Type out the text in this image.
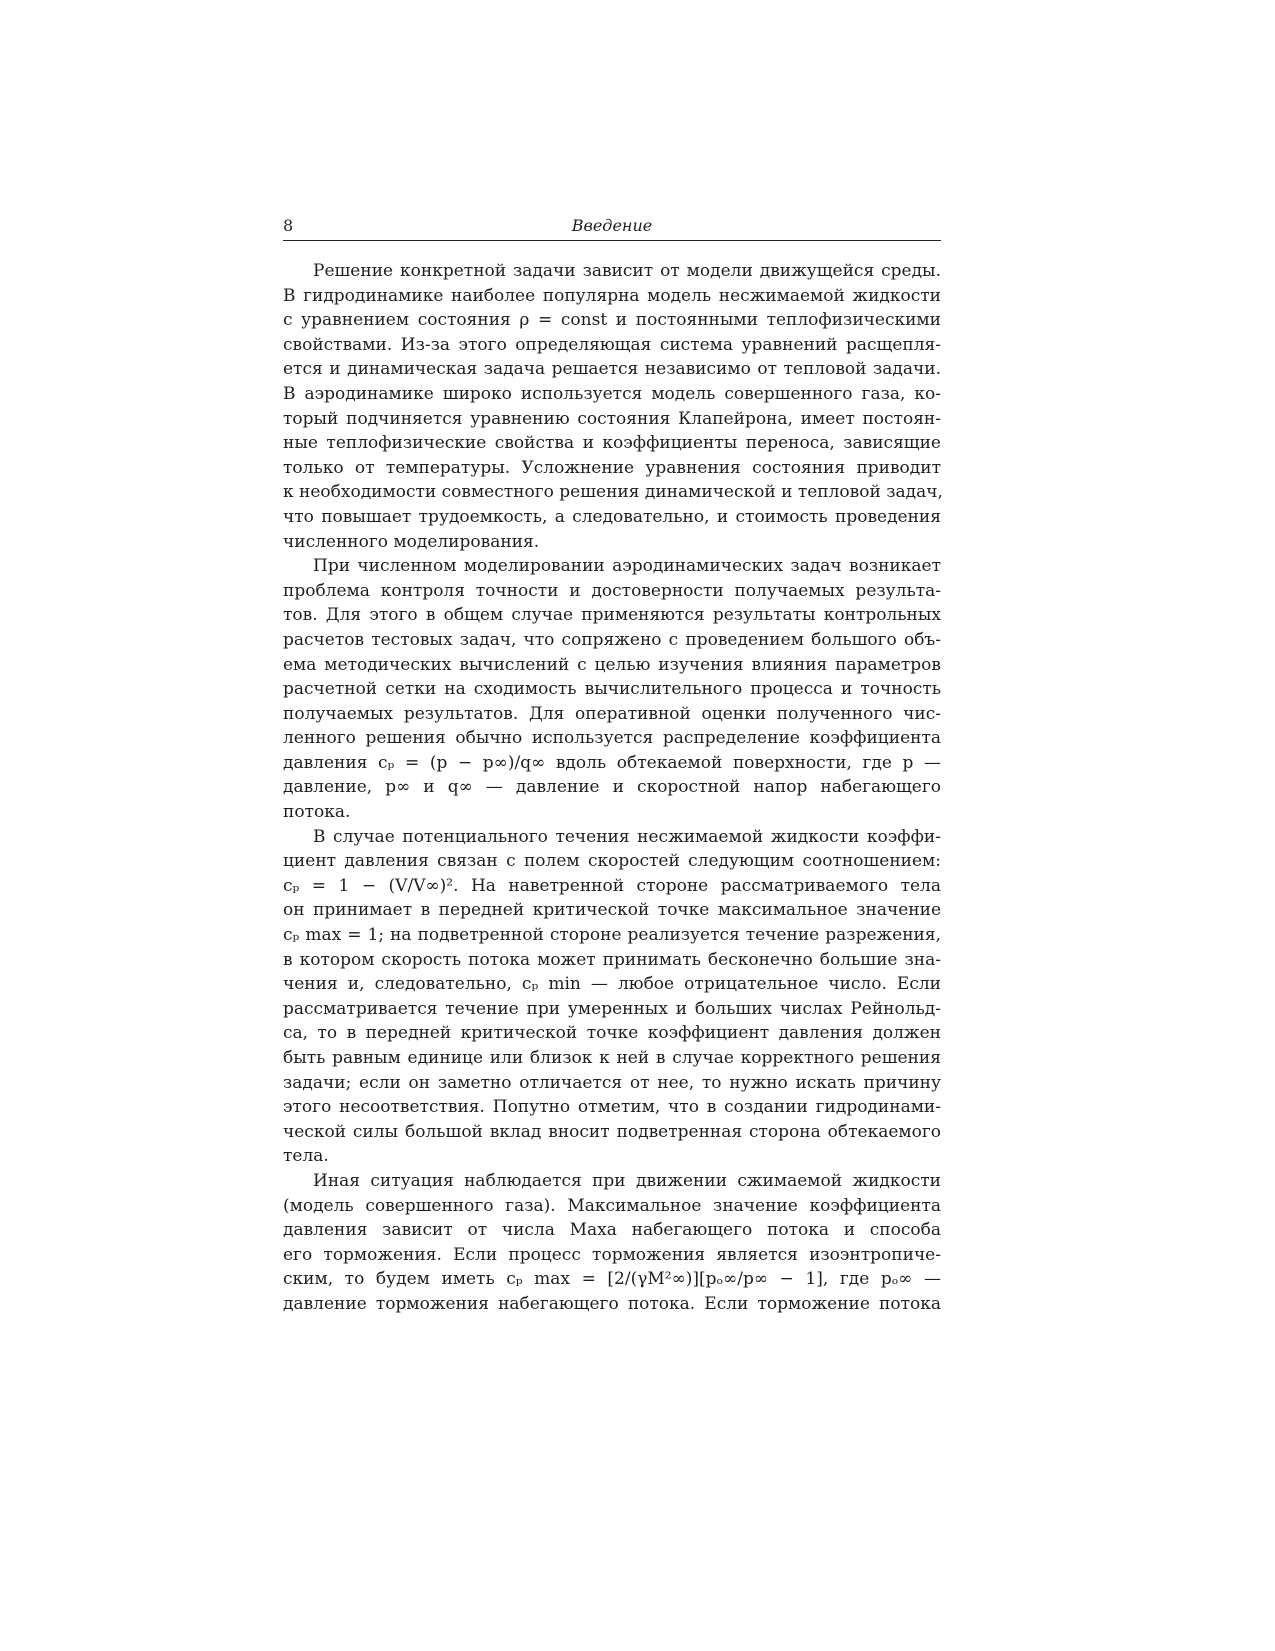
8	Введение
Решение конкретной задачи зависит от модели движущейся среды.
В гидродинамике наиболее популярна модель несжимаемой жидкости
с уравнением состояния ρ = const и постоянными теплофизическими
свойствами. Из-за этого определяющая система уравнений расщепля-
ется и динамическая задача решается независимо от тепловой задачи.
В аэродинамике широко используется модель совершенного газа, ко-
торый подчиняется уравнению состояния Клапейрона, имеет постоян-
ные теплофизические свойства и коэффициенты переноса, зависящие
только от температуры. Усложнение уравнения состояния приводит
к необходимости совместного решения динамической и тепловой задач,
что повышает трудоемкость, а следовательно, и стоимость проведения
численного моделирования.
При численном моделировании аэродинамических задач возникает
проблема контроля точности и достоверности получаемых результа-
тов. Для этого в общем случае применяются результаты контрольных
расчетов тестовых задач, что сопряжено с проведением большого объ-
ема методических вычислений с целью изучения влияния параметров
расчетной сетки на сходимость вычислительного процесса и точность
получаемых результатов. Для оперативной оценки полученного чис-
ленного решения обычно используется распределение коэффициента
давления cₚ = (p − p∞)/q∞ вдоль обтекаемой поверхности, где p —
давление, p∞ и q∞ — давление и скоростной напор набегающего
потока.
В случае потенциального течения несжимаемой жидкости коэффи-
циент давления связан с полем скоростей следующим соотношением:
cₚ = 1 − (V/V∞)². На наветренной стороне рассматриваемого тела
он принимает в передней критической точке максимальное значение
cₚ max = 1; на подветренной стороне реализуется течение разрежения,
в котором скорость потока может принимать бесконечно большие зна-
чения и, следовательно, cₚ min — любое отрицательное число. Если
рассматривается течение при умеренных и больших числах Рейнольд-
са, то в передней критической точке коэффициент давления должен
быть равным единице или близок к ней в случае корректного решения
задачи; если он заметно отличается от нее, то нужно искать причину
этого несоответствия. Попутно отметим, что в создании гидродинами-
ческой силы большой вклад вносит подветренная сторона обтекаемого
тела.
Иная ситуация наблюдается при движении сжимаемой жидкости
(модель совершенного газа). Максимальное значение коэффициента
давления зависит от числа Маха набегающего потока и способа
его торможения. Если процесс торможения является изоэнтропиче-
ским, то будем иметь cₚ max = [2/(γM²∞)][pₒ∞/p∞ − 1], где pₒ∞ —
давление торможения набегающего потока. Если торможение потока
